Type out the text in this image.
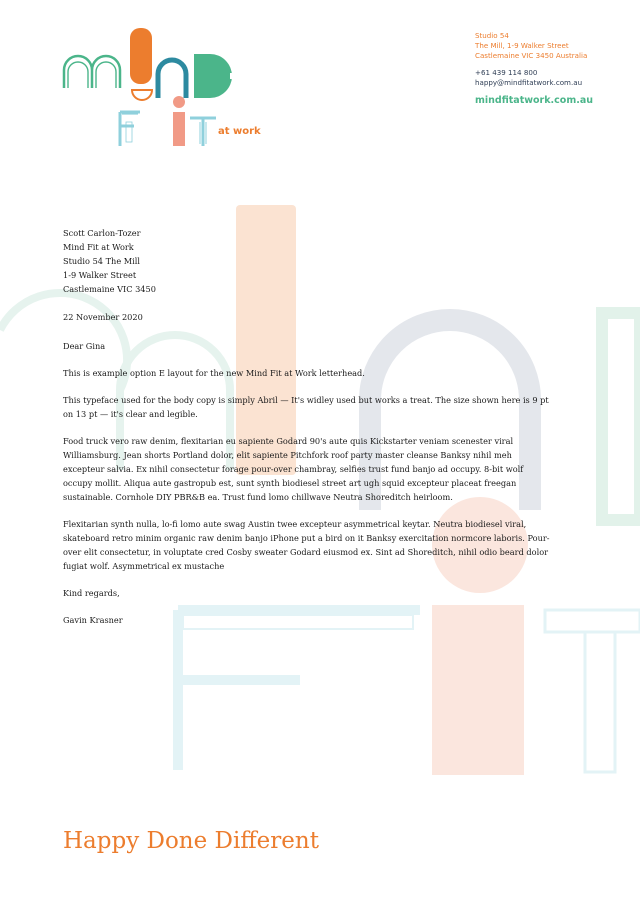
at work
Studio 54
The Mill, 1-9 Walker Street
Castlemaine VIC 3450 Australia
+61 439 114 800
happy@mindfitatwork.com.au
mindfitatwork.com.au
Scott Carlon-Tozer
Mind Fit at Work
Studio 54 The Mill
1-9 Walker Street
Castlemaine VIC 3450

22 November 2020

Dear Gina

This is example option E layout for the new Mind Fit at Work letterhead.

This typeface used for the body copy is simply Abril — It's widley used but works a treat. The size shown here is 9 pt on 13 pt — it's clear and legible.

Food truck vero raw denim, flexitarian eu sapiente Godard 90's aute quis Kickstarter veniam scenester viral Williamsburg. Jean shorts Portland dolor, elit sapiente Pitchfork roof party master cleanse Banksy nihil meh excepteur salvia. Ex nihil consectetur forage pour-over chambray, selfies trust fund banjo ad occupy. 8-bit wolf occupy mollit. Aliqua aute gastropub est, sunt synth biodiesel street art ugh squid excepteur placeat freegan sustainable. Cornhole DIY PBR&B ea. Trust fund lomo chillwave Neutra Shoreditch heirloom.

Flexitarian synth nulla, lo-fi lomo aute swag Austin twee excepteur asymmetrical keytar. Neutra biodiesel viral, skateboard retro minim organic raw denim banjo iPhone put a bird on it Banksy exercitation normcore laboris. Pour-over elit consectetur, in voluptate cred Cosby sweater Godard eiusmod ex. Sint ad Shoreditch, nihil odio beard dolor fugiat wolf. Asymmetrical ex mustache

Kind regards,

Gavin Krasner

Happy Done Different
